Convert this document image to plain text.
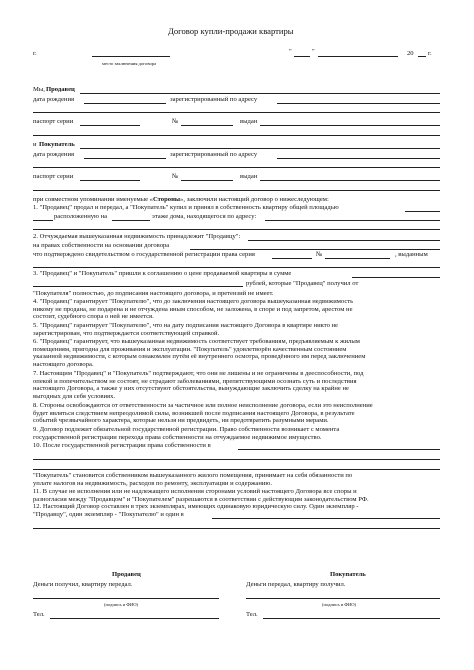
Договор купли-продажи квартиры
г.
место заключения договора
"	"	20 г.
Мы, Продавец
дата рождения	зарегистрированный по адресу
паспорт серии	№	выдан
и Покупатель
дата рождения	зарегистрированный по адресу
паспорт серии	№	выдан
при совместном упоминании именуемые «Стороны», заключили настоящий договор о нижеследующем:
1. "Продавец" продал и передал, а "Покупатель" купил и принял в собственность квартиру общей площадью
расположенную на	этаже дома, находящегося по адресу:
2. Отчуждаемая вышеуказанная недвижимость принадлежит "Продавцу":
на правах собственности на основании договора
что подтверждено свидетельством о государственной регистрации права серия	№	, выданным
3. "Продавец" и "Покупатель" пришли к соглашению о цене продаваемой квартиры в сумме
рублей, которые "Продавец" получил от
"Покупателя" полностью, до подписания настоящего договора, и претензий не имеет.
4. "Продавец" гарантирует "Покупателю", что до заключения настоящего договора вышеуказанная недвижимость
никому не продана, не подарена и не отчуждена иным способом, не заложена, в споре и под запретом, арестом не
состоит, судебного спора о ней не имеется.
5. "Продавец" гарантирует "Покупателю", что на дату подписания настоящего Договора в квартире никто не
зарегистрирован, что подтверждается соответствующей справкой.
6. "Продавец" гарантирует, что вышеуказанная недвижимость соответствует требованиям, предъявляемым к жилым
помещениям, пригодна для проживания и эксплуатации. "Покупатель" удовлетворён качественным состоянием
указанной недвижимости, с которым ознакомлен путём её внутреннего осмотра, проведённого им перед заключением
настоящего договора.
7. Настоящим "Продавец" и "Покупатель" подтверждают, что они не лишены и не ограничены в дееспособности, под
опекой и попечительством не состоят, не страдают заболеваниями, препятствующими осознать суть и последствия
настоящего Договора, а также у них отсутствуют обстоятельства, вынуждающие заключить сделку на крайне не
выгодных для себя условиях.
8. Стороны освобождаются от ответственности за частичное или полное неисполнение договора, если это неисполнение
будет являться следствием непреодолимой силы, возникшей после подписания настоящего Договора, в результате
событий чрезвычайного характера, которые нельзя ни предвидеть, ни предотвратить разумными мерами.
9. Договор подлежит обязательной государственной регистрации. Право собственности возникает с момента
государственной регистрации перехода права собственности на отчуждаемое недвижимое имущество.
10. После государственной регистрации права собственности в
"Покупатель" становится собственником вышеуказанного жилого помещения, принимает на себя обязанности по
уплате налогов на недвижимость, расходов по ремонту, эксплуатации и содержанию.
11. В случае не исполнения или не надлежащего исполнения сторонами условий настоящего Договора все споры и
разногласия между "Продавцом" и "Покупателем" разрешаются в соответствии с действующим законодательством РФ.
12. Настоящий Договор составлен в трех экземплярах, имеющих одинаковую юридическую силу. Один экземпляр -
"Продавцу", один экземпляр - "Покупателю" и один в
Продавец	Покупатель
Деньги получил, квартиру передал.	Деньги передал, квартиру получил.
(подпись и ФИО)	(подпись и ФИО)
Тел.	Тел.
